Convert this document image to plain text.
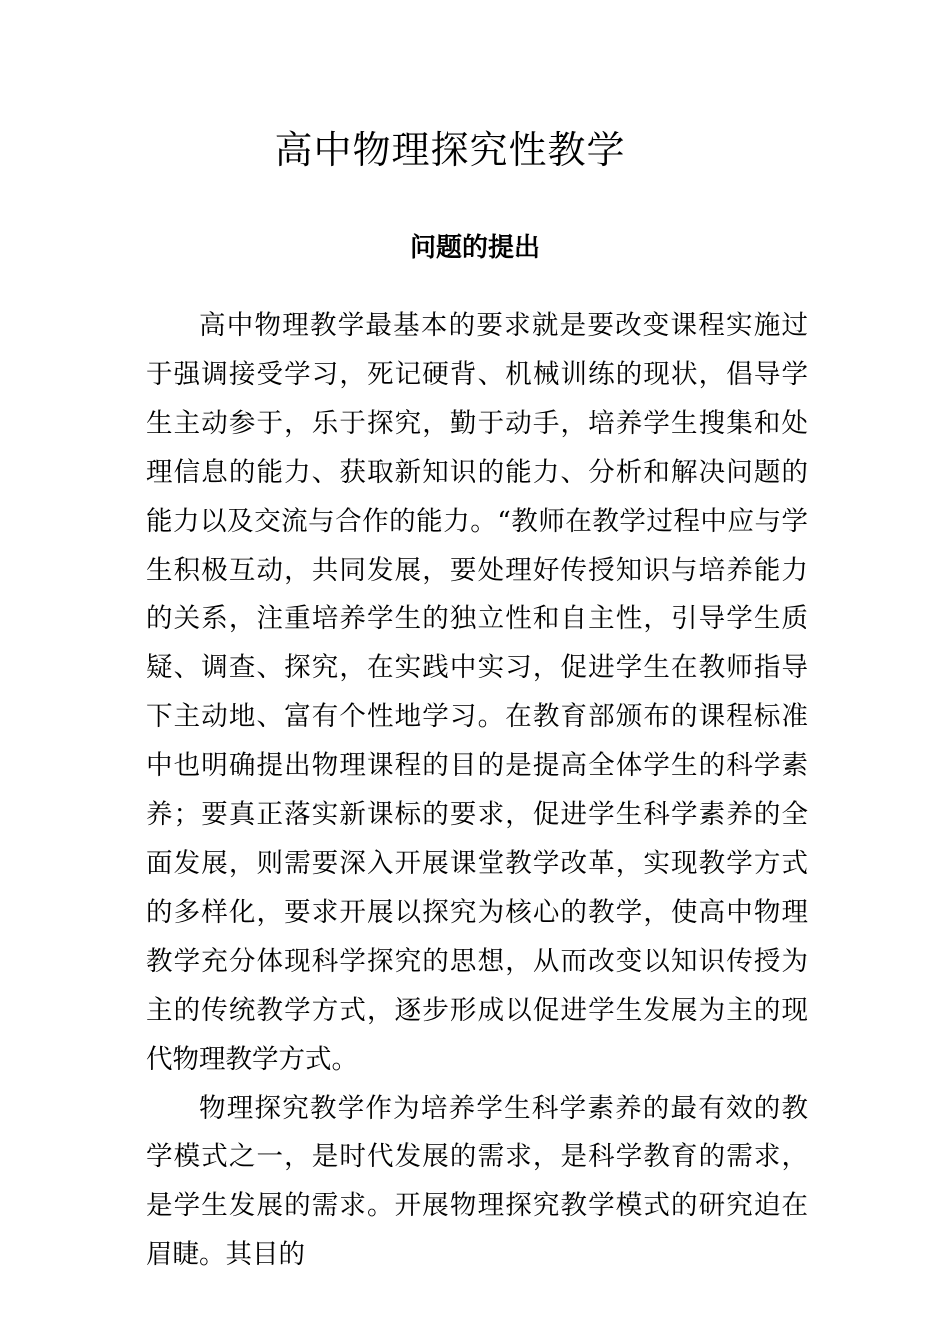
高中物理探究性教学
问题的提出

高中物理教学最基本的要求就是要改变课程实施过于强调接受学习，死记硬背、机械训练的现状，倡导学生主动参于，乐于探究，勤于动手，培养学生搜集和处理信息的能力、获取新知识的能力、分析和解决问题的能力以及交流与合作的能力。“教师在教学过程中应与学生积极互动，共同发展，要处理好传授知识与培养能力的关系，注重培养学生的独立性和自主性，引导学生质疑、调查、探究，在实践中实习，促进学生在教师指导下主动地、富有个性地学习。在教育部颁布的课程标准中也明确提出物理课程的目的是提高全体学生的科学素养；要真正落实新课标的要求，促进学生科学素养的全面发展，则需要深入开展课堂教学改革，实现教学方式的多样化，要求开展以探究为核心的教学，使高中物理教学充分体现科学探究的思想，从而改变以知识传授为主的传统教学方式，逐步形成以促进学生发展为主的现代物理教学方式。

物理探究教学作为培养学生科学素养的最有效的教学模式之一，是时代发展的需求，是科学教育的需求，是学生发展的需求。开展物理探究教学模式的研究迫在眉睫。其目的
